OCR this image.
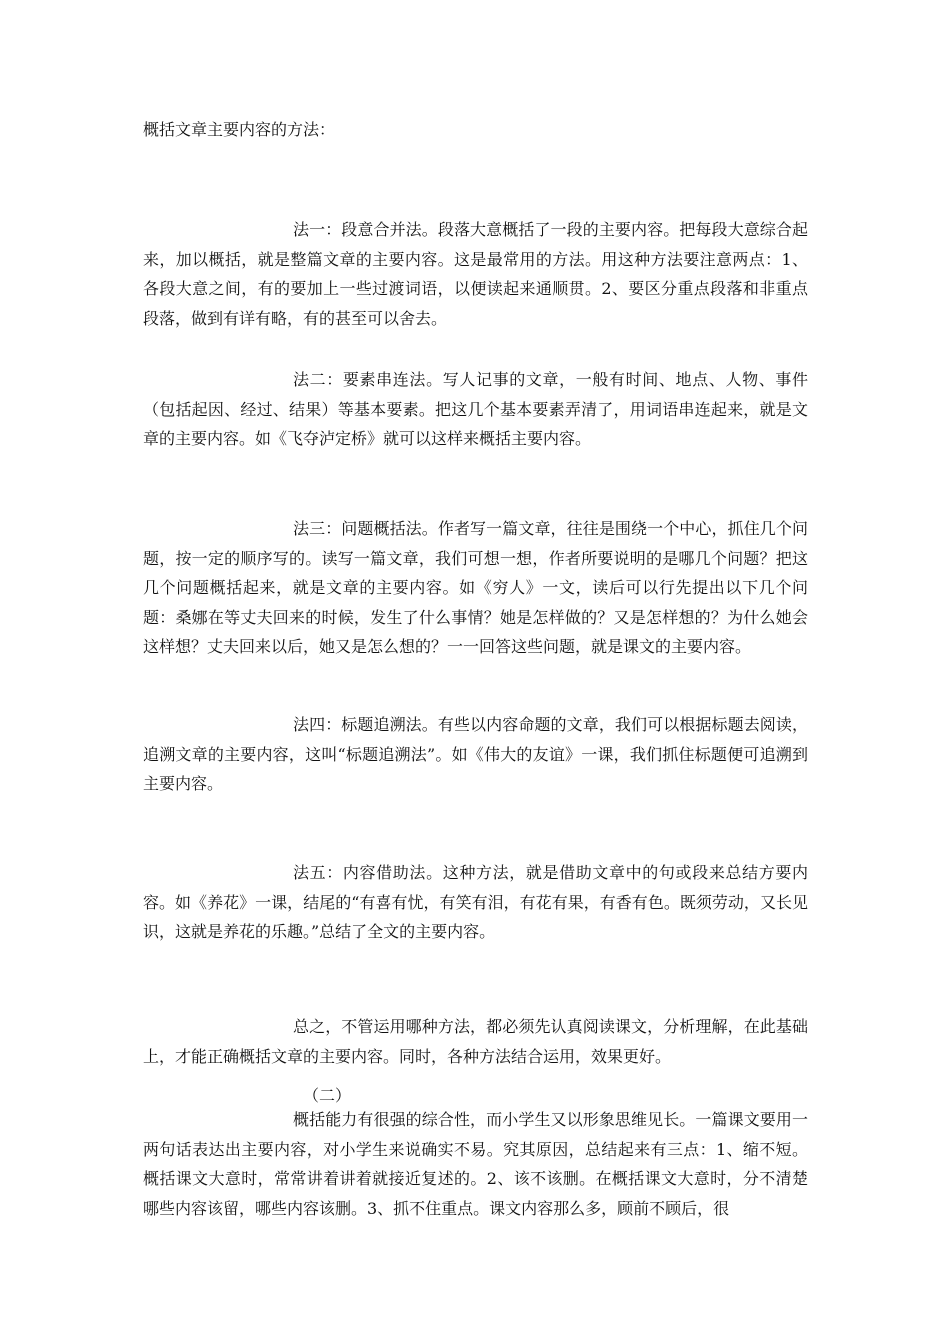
概括文章主要内容的方法：

法一：段意合并法。段落大意概括了一段的主要内容。把每段大意综合起来，加以概括，就是整篇文章的主要内容。这是最常用的方法。用这种方法要注意两点：1、各段大意之间，有的要加上一些过渡词语，以便读起来通顺贯。2、要区分重点段落和非重点段落，做到有详有略，有的甚至可以舍去。

法二：要素串连法。写人记事的文章，一般有时间、地点、人物、事件（包括起因、经过、结果）等基本要素。把这几个基本要素弄清了，用词语串连起来，就是文章的主要内容。如《飞夺泸定桥》就可以这样来概括主要内容。

法三：问题概括法。作者写一篇文章，往往是围绕一个中心，抓住几个问题，按一定的顺序写的。读写一篇文章，我们可想一想，作者所要说明的是哪几个问题？把这几个问题概括起来，就是文章的主要内容。如《穷人》一文，读后可以行先提出以下几个问题：桑娜在等丈夫回来的时候，发生了什么事情？她是怎样做的？又是怎样想的？为什么她会这样想？丈夫回来以后，她又是怎么想的？一一回答这些问题，就是课文的主要内容。

法四：标题追溯法。有些以内容命题的文章，我们可以根据标题去阅读，追溯文章的主要内容，这叫“标题追溯法”。如《伟大的友谊》一课，我们抓住标题便可追溯到主要内容。

法五：内容借助法。这种方法，就是借助文章中的句或段来总结方要内容。如《养花》一课，结尾的“有喜有忧，有笑有泪，有花有果，有香有色。既须劳动，又长见识，这就是养花的乐趣。”总结了全文的主要内容。

总之，不管运用哪种方法，都必须先认真阅读课文，分析理解，在此基础上，才能正确概括文章的主要内容。同时，各种方法结合运用，效果更好。

（二）

概括能力有很强的综合性，而小学生又以形象思维见长。一篇课文要用一两句话表达出主要内容，对小学生来说确实不易。究其原因，总结起来有三点：1、缩不短。概括课文大意时，常常讲着讲着就接近复述的。2、该不该删。在概括课文大意时，分不清楚哪些内容该留，哪些内容该删。3、抓不住重点。课文内容那么多，顾前不顾后，很
